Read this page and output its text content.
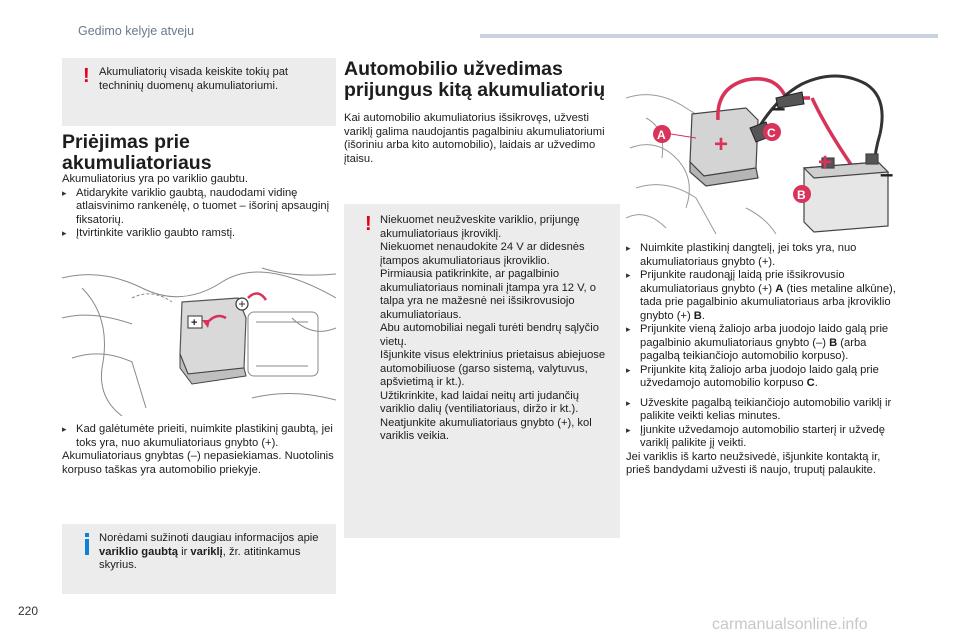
Gedimo kelyje atveju
! Akumuliatorių visada keiskite tokių pat techninių duomenų akumuliatoriumi.
Priėjimas prie akumuliatoriaus

Akumuliatorius yra po variklio gaubtu.

▸ Atidarykite variklio gaubtą, naudodami vidinę atlaisvinimo rankenėlę, o tuomet – išorinį apsauginį fiksatorių.

▸ Įtvirtinkite variklio gaubto ramstį.

+

▸ Kad galėtumėte prieiti, nuimkite plastikinį gaubtą, jei toks yra, nuo akumuliatoriaus gnybto (+).

Akumuliatoriaus gnybtas (–) nepasiekiamas. Nuotolinis korpuso taškas yra automobilio priekyje.

Norėdami sužinoti daugiau informacijos apie variklio gaubtą ir variklį, žr. atitinkamus skyrius.
Automobilio užvedimas prijungus kitą akumuliatorių
Kai automobilio akumuliatorius išsikrovęs, užvesti variklį galima naudojantis pagalbiniu akumuliatoriumi (išoriniu arba kito automobilio), laidais ar užvedimo įtaisu.
! Niekuomet neužveskite variklio, prijungę akumuliatoriaus įkroviklį.

Niekuomet nenaudokite 24 V ar didesnės įtampos akumuliatoriaus įkroviklio.

Pirmiausia patikrinkite, ar pagalbinio akumuliatoriaus nominali įtampa yra 12 V, o talpa yra ne mažesnė nei išsikrovusiojo akumuliatoriaus.

Abu automobiliai negali turėti bendrų sąlyčio vietų.

Išjunkite visus elektrinius prietaisus abiejuose automobiliuose (garso sistemą, valytuvus, apšvietimą ir kt.).

Užtikrinkite, kad laidai neitų arti judančių variklio dalių (ventiliatoriaus, diržo ir kt.).

Neatjunkite akumuliatoriaus gnybto (+), kol variklis veikia.

+
+
–
–
A	C
B

▸ Nuimkite plastikinį dangtelį, jei toks yra, nuo akumuliatoriaus gnybto (+).

▸ Prijunkite raudonąjį laidą prie išsikrovusio akumuliatoriaus gnybto (+) A (ties metaline alkūne), tada prie pagalbinio akumuliatoriaus arba įkroviklio gnybto (+) B.

▸ Prijunkite vieną žaliojo arba juodojo laido galą prie pagalbinio akumuliatoriaus gnybto (–) B (arba pagalbą teikiančiojo automobilio korpuso).

▸ Prijunkite kitą žaliojo arba juodojo laido galą prie užvedamojo automobilio korpuso C.

▸ Užveskite pagalbą teikiančiojo automobilio variklį ir palikite veikti kelias minutes.

▸ Įjunkite užvedamojo automobilio starterį ir užvedę variklį palikite jį veikti.

Jei variklis iš karto neužsivedė, išjunkite kontaktą ir, prieš bandydami užvesti iš naujo, truputį palaukite.

220
carmanualsonline.info
